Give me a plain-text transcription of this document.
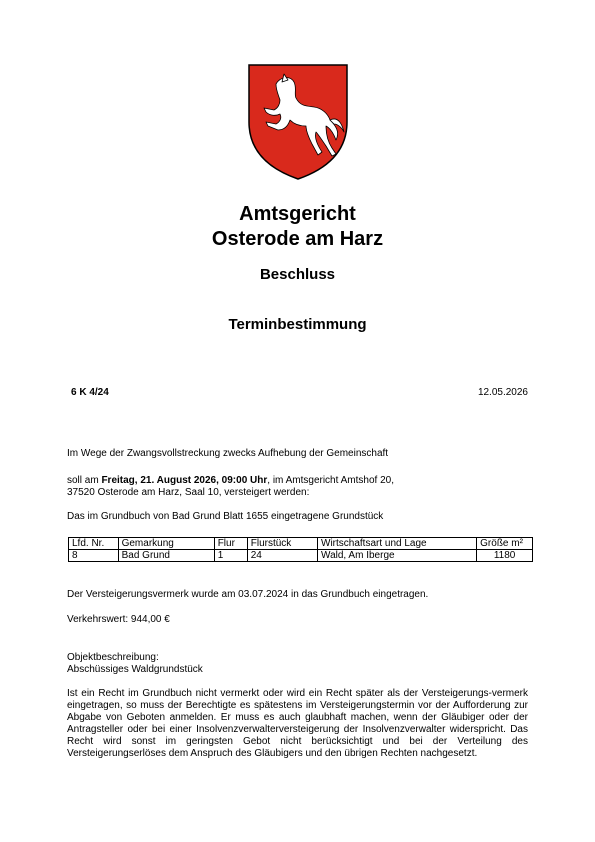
Amtsgericht
Osterode am Harz
Beschluss
Terminbestimmung
6 K 4/24	12.05.2026
Im Wege der Zwangsvollstreckung zwecks Aufhebung der Gemeinschaft
soll am Freitag, 21. August 2026, 09:00 Uhr, im Amtsgericht Amtshof 20,
37520 Osterode am Harz, Saal 10, versteigert werden:
Das im Grundbuch von Bad Grund Blatt 1655 eingetragene Grundstück
Lfd. Nr.	Gemarkung	Flur	Flurstück	Wirtschaftsart und Lage	Größe m²
8	Bad Grund	1	24	Wald, Am Iberge	1180
Der Versteigerungsvermerk wurde am 03.07.2024 in das Grundbuch eingetragen.
Verkehrswert: 944,00 €
Objektbeschreibung:
Abschüssiges Waldgrundstück
Ist ein Recht im Grundbuch nicht vermerkt oder wird ein Recht später als der Versteigerungs-vermerk eingetragen, so muss der Berechtigte es spätestens im Versteigerungstermin vor der Aufforderung zur Abgabe von Geboten anmelden. Er muss es auch glaubhaft machen, wenn der Gläubiger oder der Antragsteller oder bei einer Insolvenzverwalterversteigerung der Insolvenzverwalter widerspricht. Das Recht wird sonst im geringsten Gebot nicht berücksichtigt und bei der Verteilung des Versteigerungserlöses dem Anspruch des Gläubigers und den übrigen Rechten nachgesetzt.
